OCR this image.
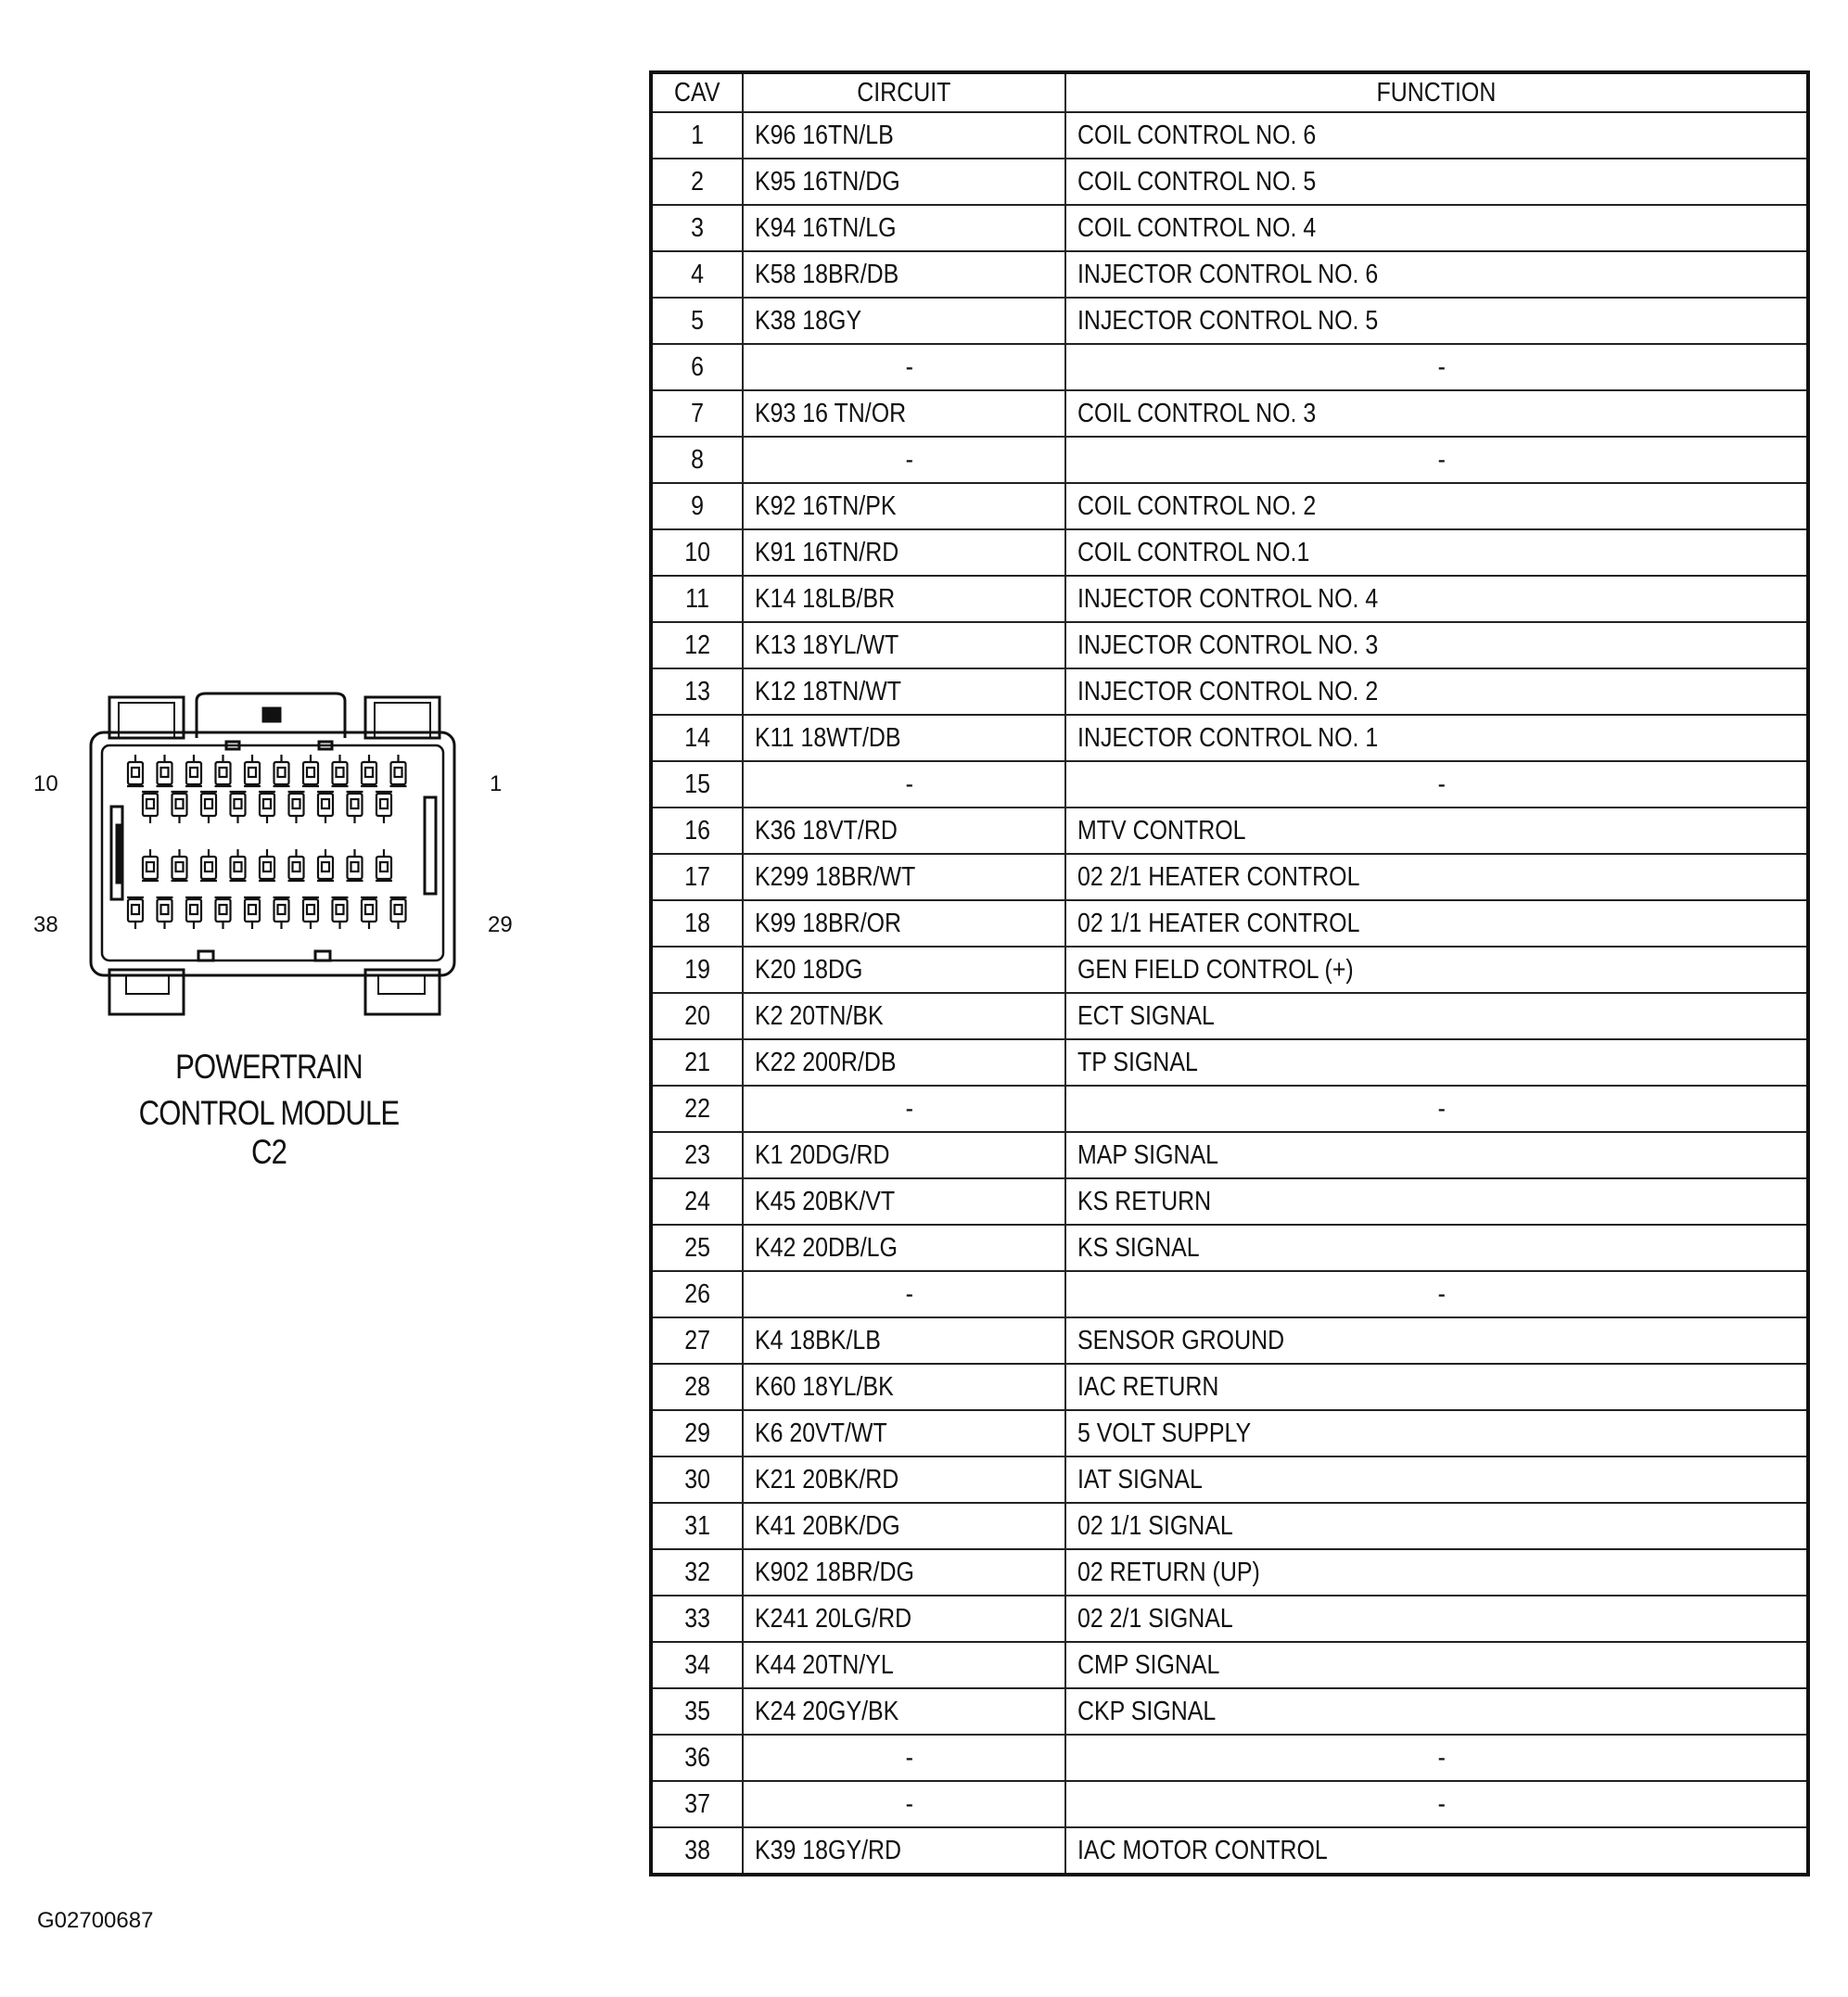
10	1
38	29
POWERTRAIN
CONTROL MODULE C2
CAV	CIRCUIT	FUNCTION
1	K96 16TN/LB	COIL CONTROL NO. 6
2	K95 16TN/DG	COIL CONTROL NO. 5
3	K94 16TN/LG	COIL CONTROL NO. 4
4	K58 18BR/DB	INJECTOR CONTROL NO. 6
5	K38 18GY	INJECTOR CONTROL NO. 5
6	-	-
7	K93 16 TN/OR	COIL CONTROL NO. 3
8	-	-
9	K92 16TN/PK	COIL CONTROL NO. 2
10	K91 16TN/RD	COIL CONTROL NO.1
11	K14 18LB/BR	INJECTOR CONTROL NO. 4
12	K13 18YL/WT	INJECTOR CONTROL NO. 3
13	K12 18TN/WT	INJECTOR CONTROL NO. 2
14	K11 18WT/DB	INJECTOR CONTROL NO. 1
15	-	-
16	K36 18VT/RD	MTV CONTROL
17	K299 18BR/WT	02 2/1 HEATER CONTROL
18	K99 18BR/OR	02 1/1 HEATER CONTROL
19	K20 18DG	GEN FIELD CONTROL (+)
20	K2 20TN/BK	ECT SIGNAL
21	K22 200R/DB	TP SIGNAL
22	-	-
23	K1 20DG/RD	MAP SIGNAL
24	K45 20BK/VT	KS RETURN
25	K42 20DB/LG	KS SIGNAL
26	-	-
27	K4 18BK/LB	SENSOR GROUND
28	K60 18YL/BK	IAC RETURN
29	K6 20VT/WT	5 VOLT SUPPLY
30	K21 20BK/RD	IAT SIGNAL
31	K41 20BK/DG	02 1/1 SIGNAL
32	K902 18BR/DG	02 RETURN (UP)
33	K241 20LG/RD	02 2/1 SIGNAL
34	K44 20TN/YL	CMP SIGNAL
35	K24 20GY/BK	CKP SIGNAL
36	-	-
37	-	-
38	K39 18GY/RD	IAC MOTOR CONTROL
G02700687
